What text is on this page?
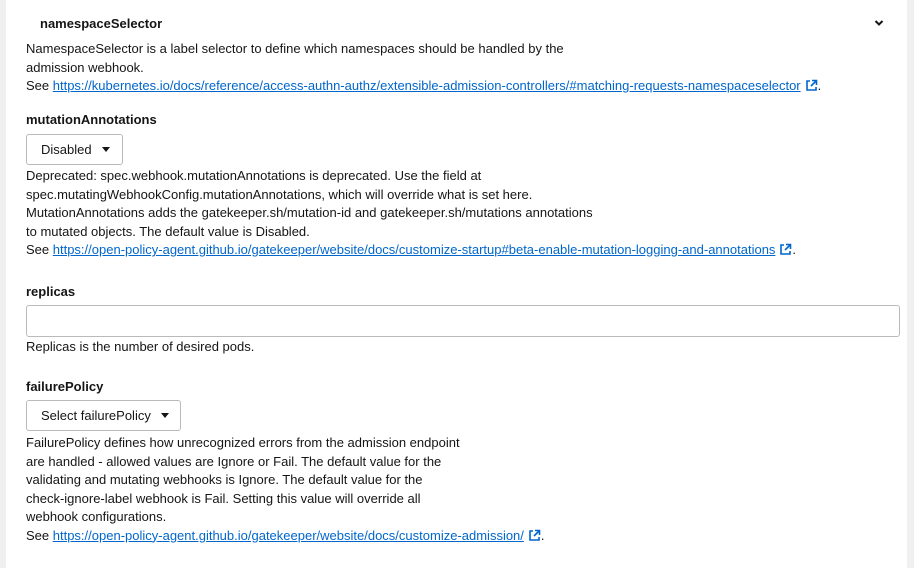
namespaceSelector
NamespaceSelector is a label selector to define which namespaces should be handled by the
admission webhook.
See https://kubernetes.io/docs/reference/access-authn-authz/extensible-admission-controllers/#matching-requests-namespaceselector .
mutationAnnotations
Disabled
Deprecated: spec.webhook.mutationAnnotations is deprecated. Use the field at
spec.mutatingWebhookConfig.mutationAnnotations, which will override what is set here.
MutationAnnotations adds the gatekeeper.sh/mutation-id and gatekeeper.sh/mutations annotations
to mutated objects. The default value is Disabled.
See https://open-policy-agent.github.io/gatekeeper/website/docs/customize-startup#beta-enable-mutation-logging-and-annotations .
replicas
Replicas is the number of desired pods.
failurePolicy
Select failurePolicy
FailurePolicy defines how unrecognized errors from the admission endpoint
are handled - allowed values are Ignore or Fail. The default value for the
validating and mutating webhooks is Ignore. The default value for the
check-ignore-label webhook is Fail. Setting this value will override all
webhook configurations.
See https://open-policy-agent.github.io/gatekeeper/website/docs/customize-admission/ .
